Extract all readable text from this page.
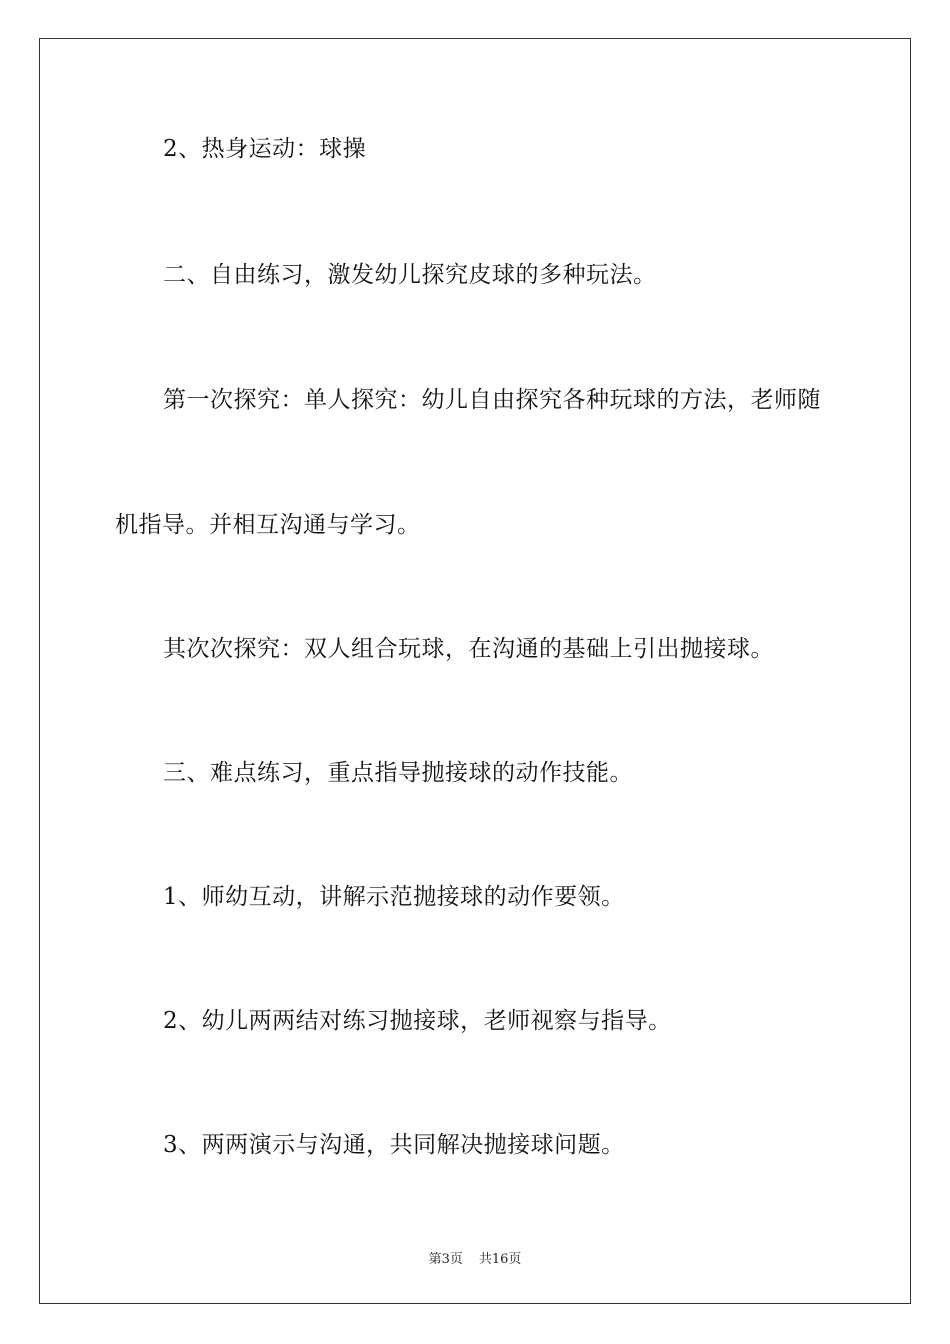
2、热身运动：球操

二、自由练习，激发幼儿探究皮球的多种玩法。

第一次探究：单人探究：幼儿自由探究各种玩球的方法，老师随

机指导。并相互沟通与学习。

其次次探究：双人组合玩球，在沟通的基础上引出抛接球。

三、难点练习，重点指导抛接球的动作技能。

1、师幼互动，讲解示范抛接球的动作要领。

2、幼儿两两结对练习抛接球，老师视察与指导。

3、两两演示与沟通，共同解决抛接球问题。

第3页 共16页
